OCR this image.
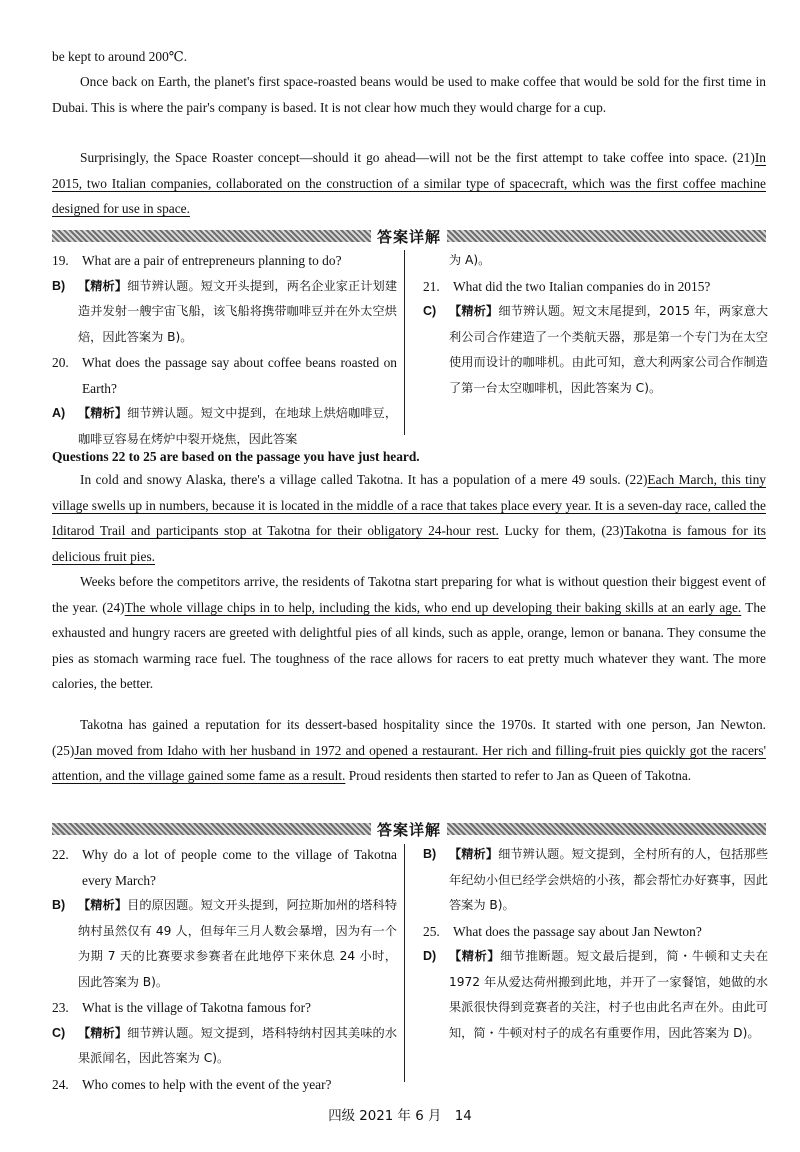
be kept to around 200℃.

Once back on Earth, the planet's first space-roasted beans would be used to make coffee that would be sold for the first time in Dubai. This is where the pair's company is based. It is not clear how much they would charge for a cup.

Surprisingly, the Space Roaster concept—should it go ahead—will not be the first attempt to take coffee into space. (21)In 2015, two Italian companies, collaborated on the construction of a similar type of spacecraft, which was the first coffee machine designed for use in space.

答案详解
19. What are a pair of entrepreneurs planning to do?
B)	【精析】细节辨认题。短文开头提到，两名企业家正计划建造并发射一艘宇宙飞船，该飞船将携带咖啡豆并在外太空烘焙，因此答案为 B)。
20. What does the passage say about coffee beans roasted on Earth?
A)	【精析】细节辨认题。短文中提到，在地球上烘焙咖啡豆，咖啡豆容易在烤炉中裂开烧焦，因此答案
为 A)。
21. What did the two Italian companies do in 2015?
C)	【精析】细节辨认题。短文末尾提到，2015 年，两家意大利公司合作建造了一个类航天器，那是第一个专门为在太空使用而设计的咖啡机。由此可知，意大利两家公司合作制造了第一台太空咖啡机，因此答案为 C)。

Questions 22 to 25 are based on the passage you have just heard.

In cold and snowy Alaska, there's a village called Takotna. It has a population of a mere 49 souls. (22)Each March, this tiny village swells up in numbers, because it is located in the middle of a race that takes place every year. It is a seven-day race, called the Iditarod Trail and participants stop at Takotna for their obligatory 24-hour rest. Lucky for them, (23)Takotna is famous for its delicious fruit pies.

Weeks before the competitors arrive, the residents of Takotna start preparing for what is without question their biggest event of the year. (24)The whole village chips in to help, including the kids, who end up developing their baking skills at an early age. The exhausted and hungry racers are greeted with delightful pies of all kinds, such as apple, orange, lemon or banana. They consume the pies as stomach warming race fuel. The toughness of the race allows for racers to eat pretty much whatever they want. The more calories, the better.

Takotna has gained a reputation for its dessert-based hospitality since the 1970s. It started with one person, Jan Newton. (25)Jan moved from Idaho with her husband in 1972 and opened a restaurant. Her rich and filling-fruit pies quickly got the racers' attention, and the village gained some fame as a result. Proud residents then started to refer to Jan as Queen of Takotna.

答案详解
22. Why do a lot of people come to the village of Takotna every March?
B)	【精析】目的原因题。短文开头提到，阿拉斯加州的塔科特纳村虽然仅有 49 人，但每年三月人数会暴增，因为有一个为期 7 天的比赛要求参赛者在此地停下来休息 24 小时，因此答案为 B)。
23. What is the village of Takotna famous for?
C)	【精析】细节辨认题。短文提到，塔科特纳村因其美味的水果派闻名，因此答案为 C)。
24. Who comes to help with the event of the year?
B)	【精析】细节辨认题。短文提到，全村所有的人，包括那些年纪幼小但已经学会烘焙的小孩，都会帮忙办好赛事，因此答案为 B)。
25. What does the passage say about Jan Newton?
D)	【精析】细节推断题。短文最后提到，简・牛顿和丈夫在 1972 年从爱达荷州搬到此地，并开了一家餐馆，她做的水果派很快得到竞赛者的关注，村子也由此名声在外。由此可知，简・牛顿对村子的成名有重要作用，因此答案为 D)。
四级 2021 年 6 月　14
